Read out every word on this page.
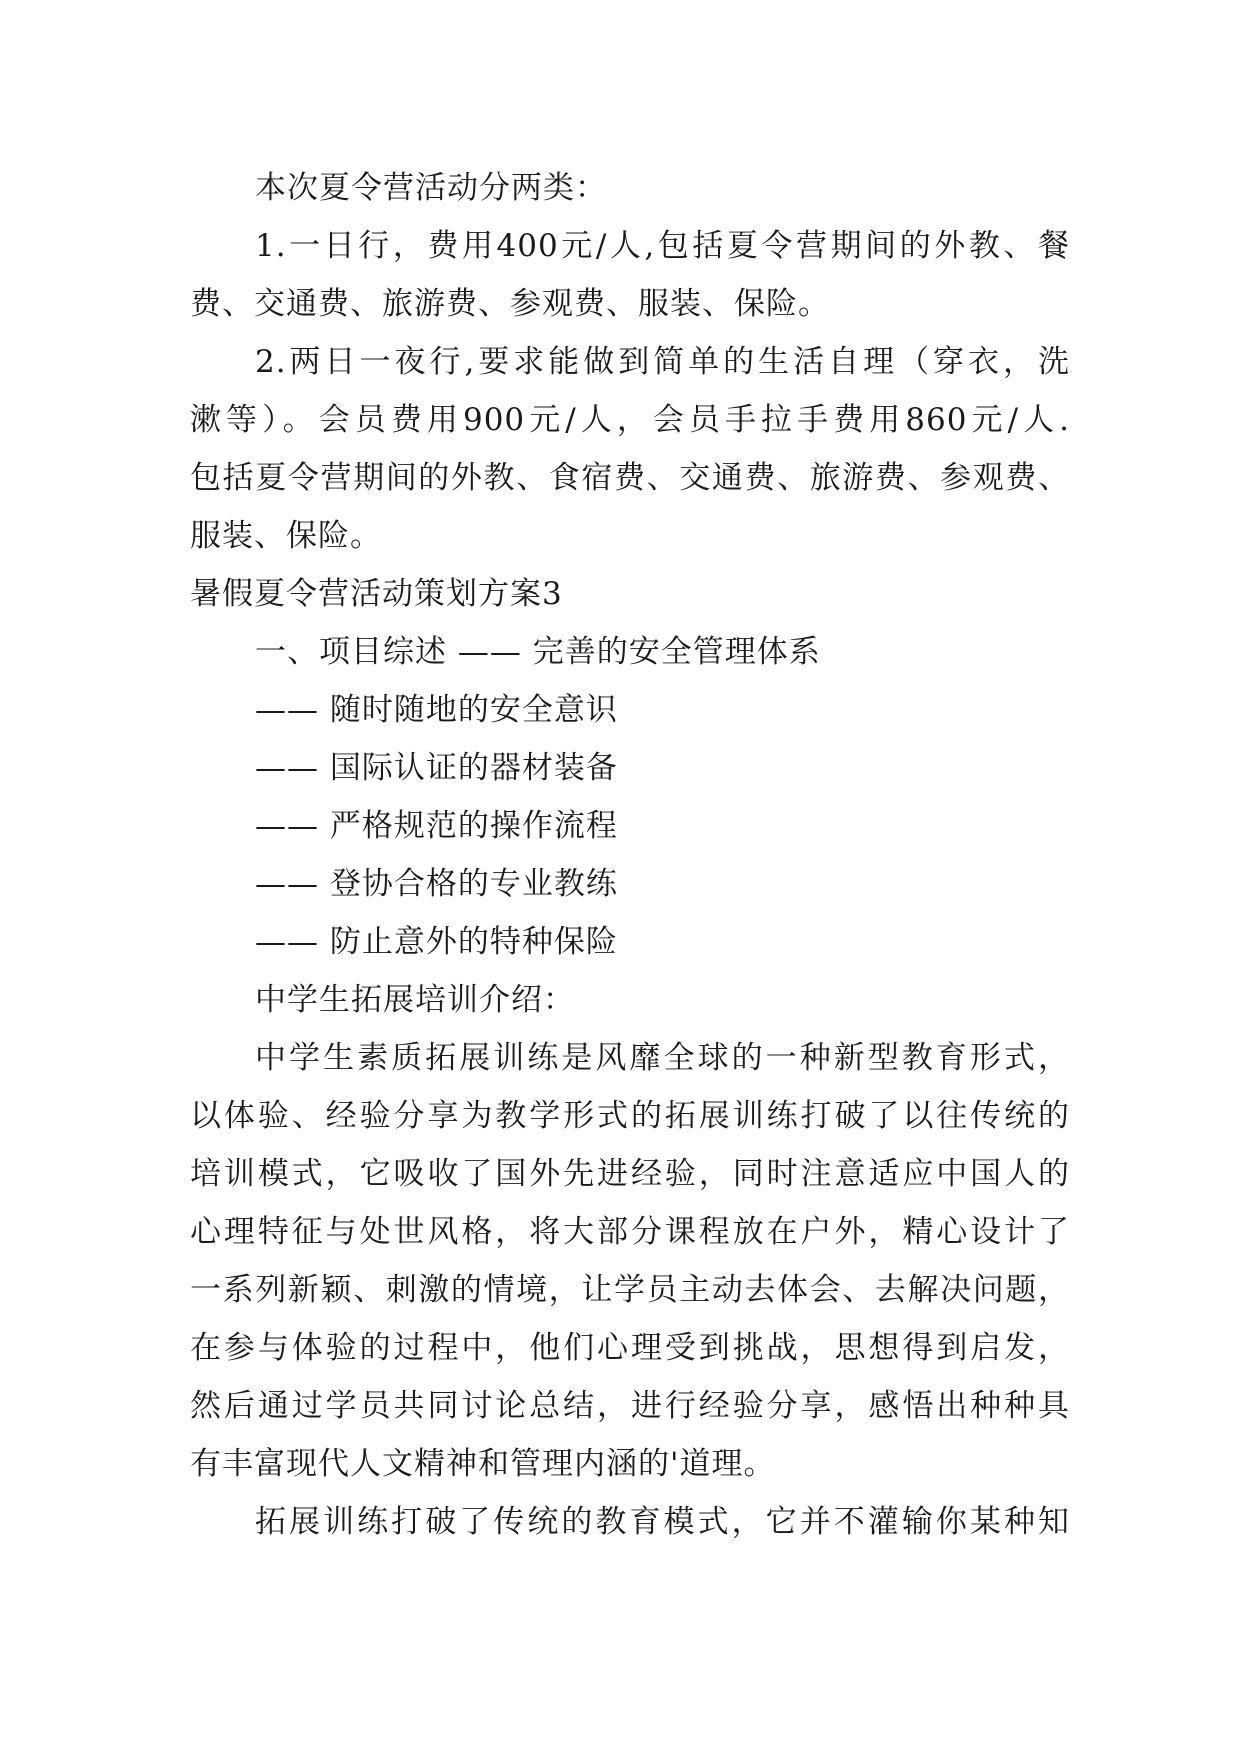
本次夏令营活动分两类：
1.一日行，费用400元/人,包括夏令营期间的外教、餐
费、交通费、旅游费、参观费、服装、保险。
2.两日一夜行,要求能做到简单的生活自理（穿衣，洗
漱等）。会员费用900元/人，会员手拉手费用860元/人.
包括夏令营期间的外教、食宿费、交通费、旅游费、参观费、
服装、保险。
暑假夏令营活动策划方案3
一、项目综述 —— 完善的安全管理体系
—— 随时随地的安全意识
—— 国际认证的器材装备
—— 严格规范的操作流程
—— 登协合格的专业教练
—— 防止意外的特种保险
中学生拓展培训介绍：
中学生素质拓展训练是风靡全球的一种新型教育形式，
以体验、经验分享为教学形式的拓展训练打破了以往传统的
培训模式，它吸收了国外先进经验，同时注意适应中国人的
心理特征与处世风格，将大部分课程放在户外，精心设计了
一系列新颖、刺激的情境，让学员主动去体会、去解决问题，
在参与体验的过程中，他们心理受到挑战，思想得到启发，
然后通过学员共同讨论总结，进行经验分享，感悟出种种具
有丰富现代人文精神和管理内涵的'道理。
拓展训练打破了传统的教育模式，它并不灌输你某种知
